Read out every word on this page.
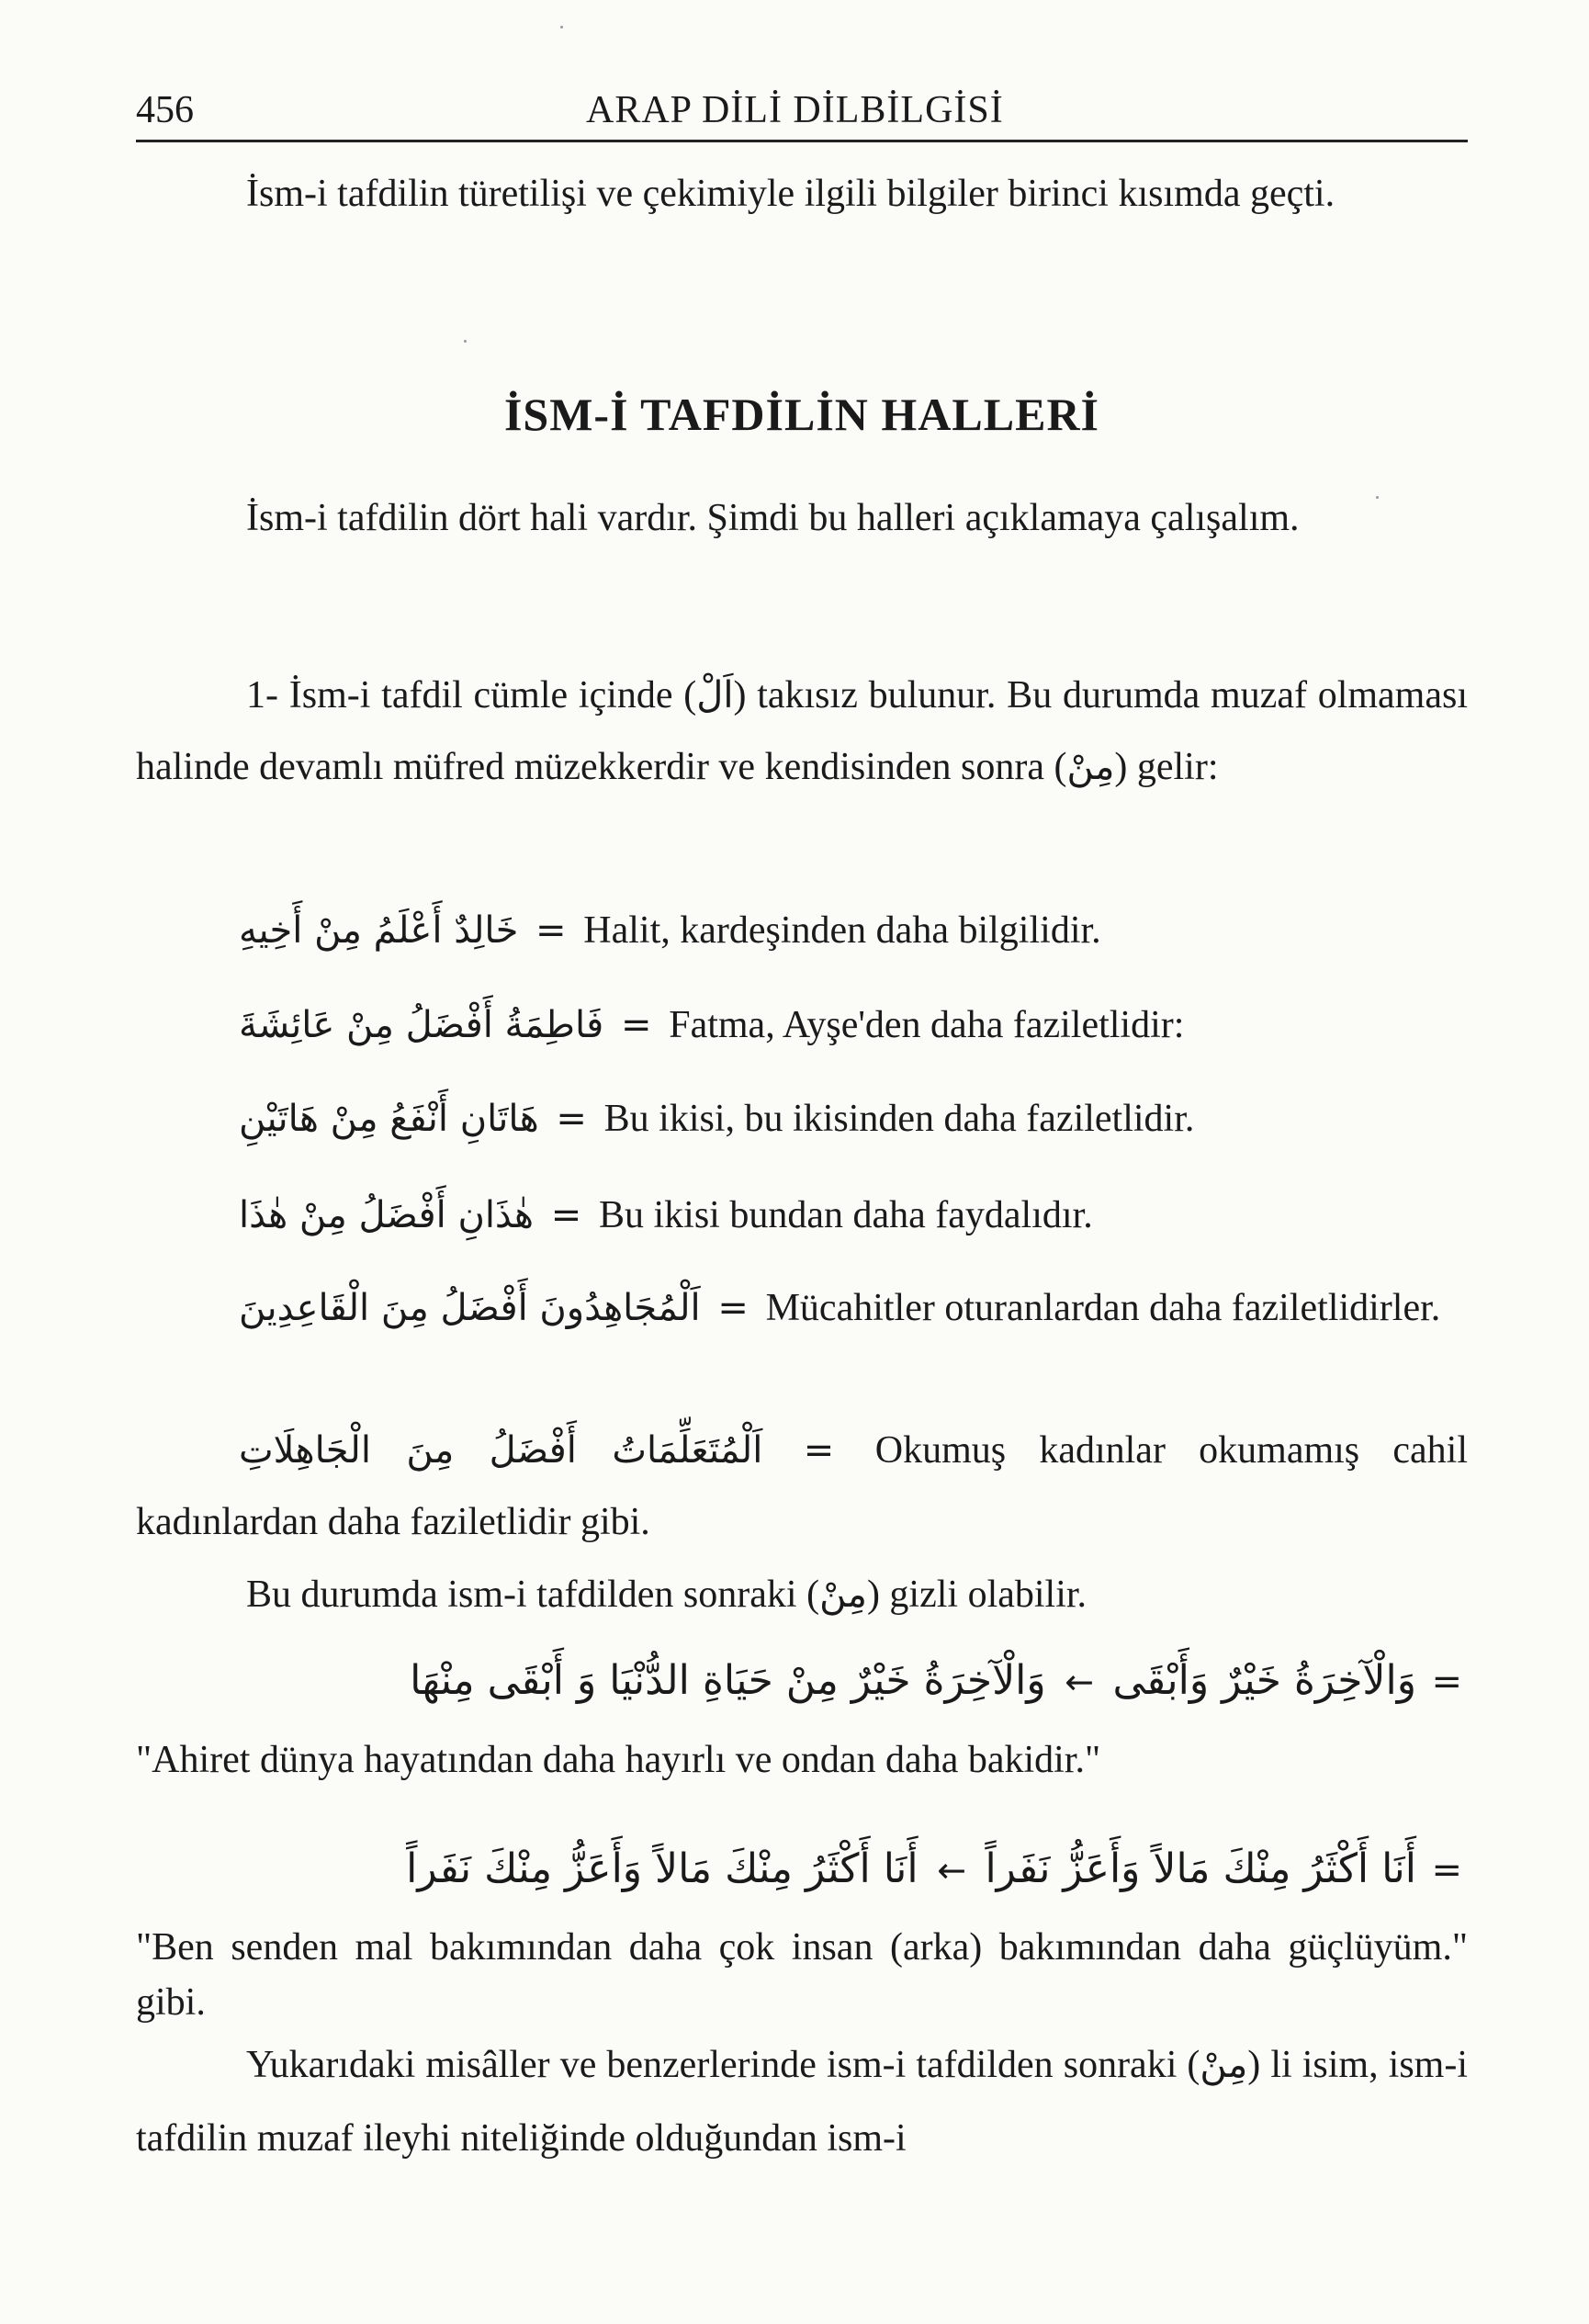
456	ARAP DİLİ DİLBİLGİSİ

İsm-i tafdilin türetilişi ve çekimiyle ilgili bilgiler birinci kısımda geçti.

İSM-İ TAFDİLİN HALLERİ

İsm-i tafdilin dört hali vardır. Şimdi bu halleri açıklamaya çalışalım.

1- İsm-i tafdil cümle içinde (اَلْ) takısız bulunur. Bu durumda muzaf olmaması halinde devamlı müfred müzekkerdir ve kendisinden sonra (مِنْ) gelir:

خَالِدٌ أَعْلَمُ مِنْ أَخِيهِ = Halit, kardeşinden daha bilgilidir.
فَاطِمَةُ أَفْضَلُ مِنْ عَائِشَةَ = Fatma, Ayşe'den daha faziletlidir:
هَاتَانِ أَنْفَعُ مِنْ هَاتَيْنِ = Bu ikisi, bu ikisinden daha faziletlidir.
هٰذَانِ أَفْضَلُ مِنْ هٰذَا = Bu ikisi bundan daha faydalıdır.

اَلْمُجَاهِدُونَ أَفْضَلُ مِنَ الْقَاعِدِينَ = Mücahitler oturanlardan daha faziletlidirler.

اَلْمُتَعَلِّمَاتُ أَفْضَلُ مِنَ الْجَاهِلَاتِ = Okumuş kadınlar okumamış cahil kadınlardan daha faziletlidir gibi.

Bu durumda ism-i tafdilden sonraki (مِنْ) gizli olabilir.

وَالْآخِرَةُ خَيْرٌ مِنْ حَيَاةِ الدُّنْيَا وَ أَبْقَى مِنْهَا ← وَالْآخِرَةُ خَيْرٌ وَأَبْقَى =
"Ahiret dünya hayatından daha hayırlı ve ondan daha bakidir."
أَنَا أَكْثَرُ مِنْكَ مَالاً وَأَعَزُّ مِنْكَ نَفَراً ← أَنَا أَكْثَرُ مِنْكَ مَالاً وَأَعَزُّ نَفَراً =

"Ben senden mal bakımından daha çok insan (arka) bakımından daha güçlüyüm." gibi.

Yukarıdaki misâller ve benzerlerinde ism-i tafdilden sonraki (مِنْ) li isim, ism-i tafdilin muzaf ileyhi niteliğinde olduğundan ism-i
